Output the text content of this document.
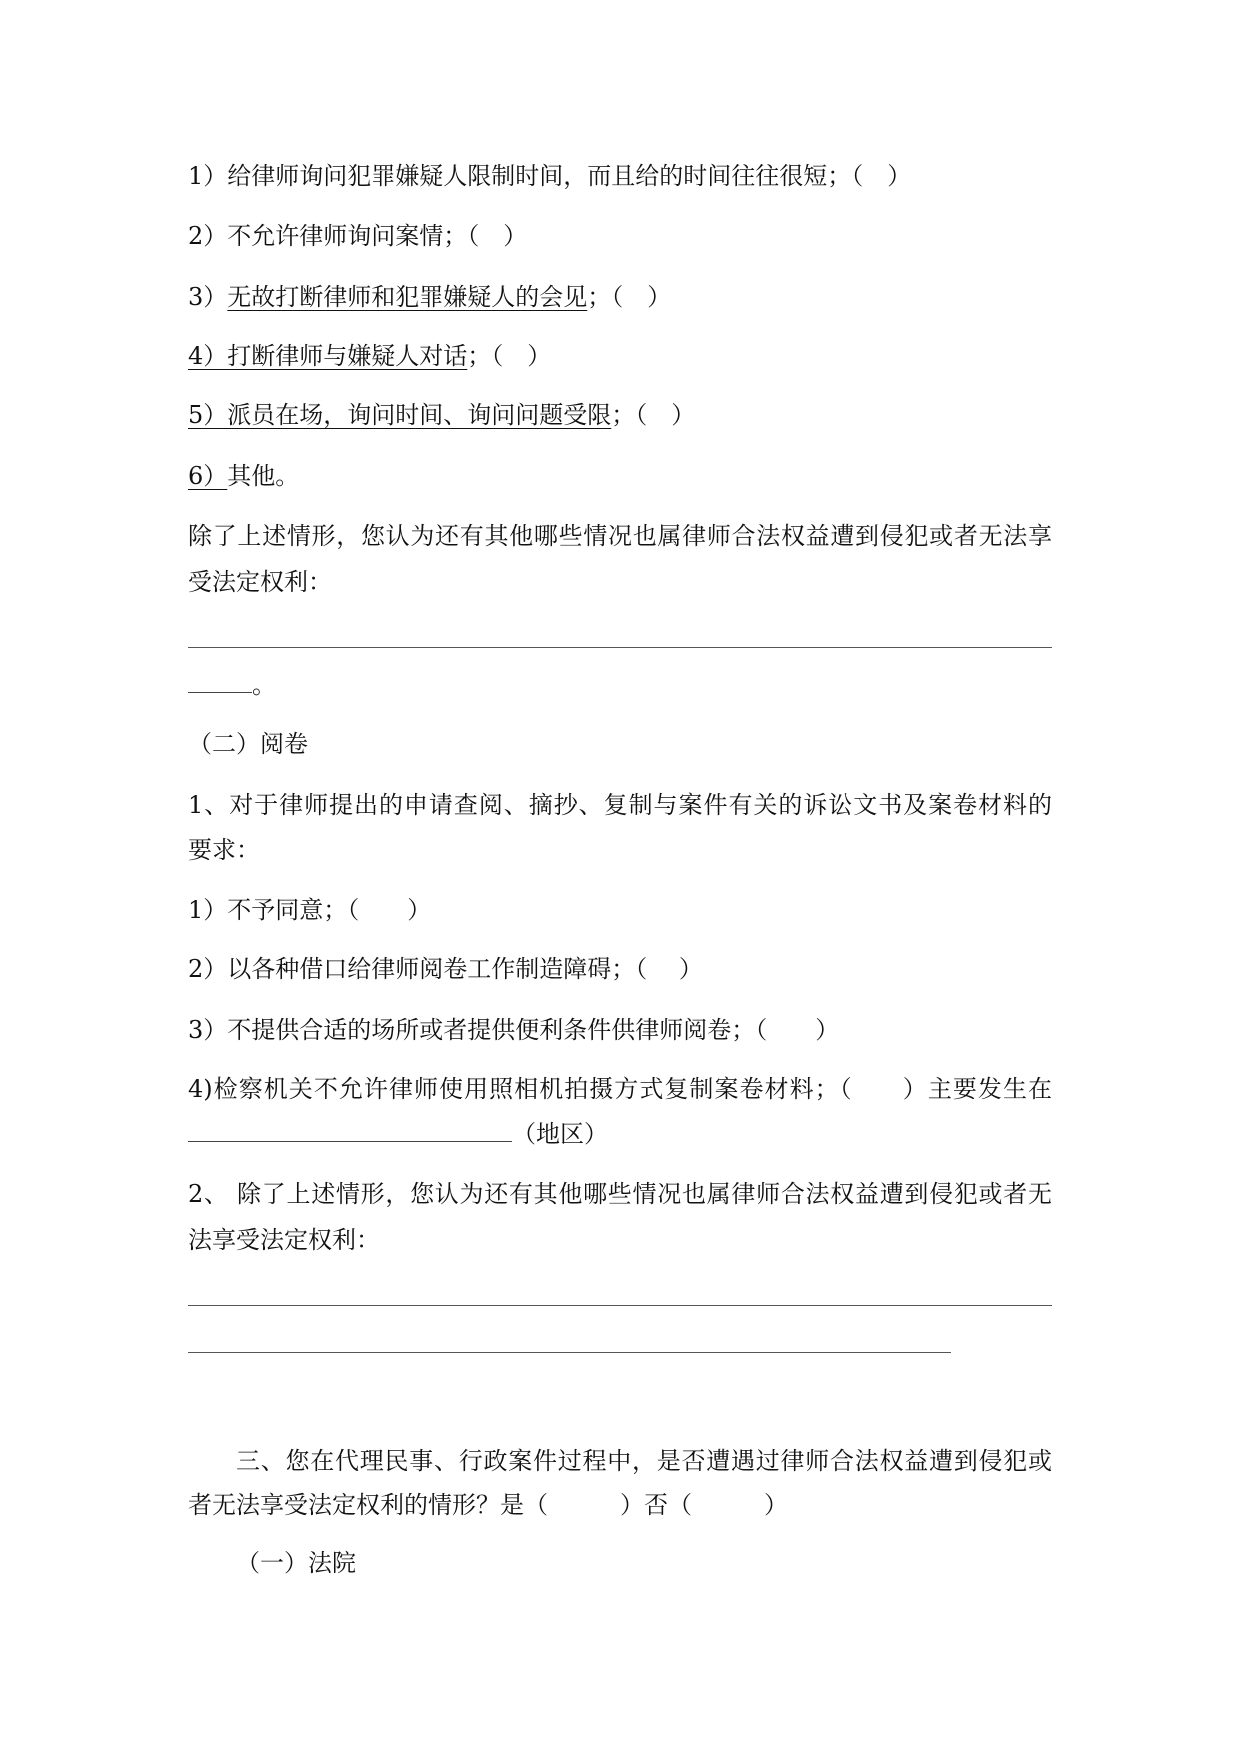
1）给律师询问犯罪嫌疑人限制时间，而且给的时间往往很短；（　）
2）不允许律师询问案情；（　）
3）无故打断律师和犯罪嫌疑人的会见；（　）
4）打断律师与嫌疑人对话；（　）
5）派员在场，询问时间、询问问题受限；（　）
6）其他。
除了上述情形，您认为还有其他哪些情况也属律师合法权益遭到侵犯或者无法享
受法定权利：
。
（二）阅卷
1、对于律师提出的申请查阅、摘抄、复制与案件有关的诉讼文书及案卷材料的
要求：
1）不予同意；（　　）
2）以各种借口给律师阅卷工作制造障碍；（　 ）
3）不提供合适的场所或者提供便利条件供律师阅卷；（　　）
4)检察机关不允许律师使用照相机拍摄方式复制案卷材料；（　　）主要发生在
（地区）
2、 除了上述情形，您认为还有其他哪些情况也属律师合法权益遭到侵犯或者无
法享受法定权利：
三、您在代理民事、行政案件过程中，是否遭遇过律师合法权益遭到侵犯或
者无法享受法定权利的情形？是（　　　）否（　　　）
（一）法院
